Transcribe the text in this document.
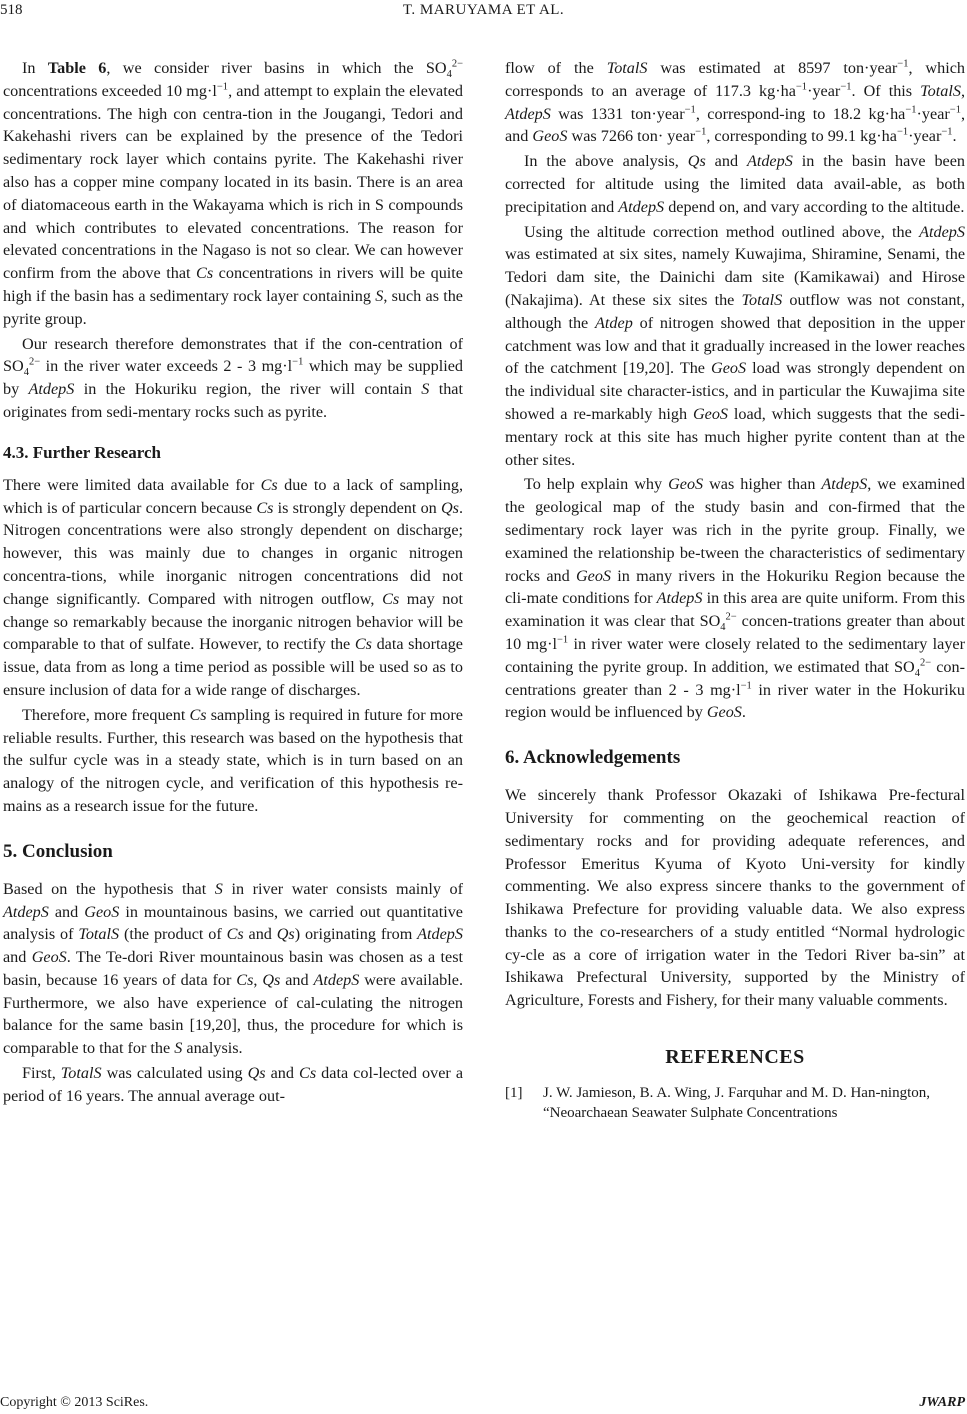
518	T. MARUYAMA ET AL.

In Table 6, we consider river basins in which the $SO_4^{2-}$ concentrations exceeded 10 $mg\cdot l^{-1}$, and attempt to explain the elevated concentrations. The high con centra-tion in the Jougangi, Tedori and Kakehashi rivers can be explained by the presence of the Tedori sedimentary rock layer which contains pyrite. The Kakehashi river also has a copper mine company located in its basin. There is an area of diatomaceous earth in the Wakayama which is rich in S compounds and which contributes to elevated concentrations. The reason for elevated concentrations in the Nagaso is not so clear. We can however confirm from the above that Cs concentrations in rivers will be quite high if the basin has a sedimentary rock layer containing S, such as the pyrite group.

Our research therefore demonstrates that if the con-centration of $SO_4^{2-}$ in the river water exceeds 2 - 3 $mg\cdot l^{-1}$ which may be supplied by AtdepS in the Hokuriku region, the river will contain S that originates from sedi-mentary rocks such as pyrite.

4.3. Further Research

There were limited data available for Cs due to a lack of sampling, which is of particular concern because Cs is strongly dependent on Qs. Nitrogen concentrations were also strongly dependent on discharge; however, this was mainly due to changes in organic nitrogen concentra-tions, while inorganic nitrogen concentrations did not change significantly. Compared with nitrogen outflow, Cs may not change so remarkably because the inorganic nitrogen behavior will be comparable to that of sulfate. However, to rectify the Cs data shortage issue, data from as long a time period as possible will be used so as to ensure inclusion of data for a wide range of discharges.

Therefore, more frequent Cs sampling is required in future for more reliable results. Further, this research was based on the hypothesis that the sulfur cycle was in a steady state, which is in turn based on an analogy of the nitrogen cycle, and verification of this hypothesis re-mains as a research issue for the future.

5. Conclusion

Based on the hypothesis that S in river water consists mainly of AtdepS and GeoS in mountainous basins, we carried out quantitative analysis of TotalS (the product of Cs and Qs) originating from AtdepS and GeoS. The Te-dori River mountainous basin was chosen as a test basin, because 16 years of data for Cs, Qs and AtdepS were available. Furthermore, we also have experience of cal-culating the nitrogen balance for the same basin [19,20], thus, the procedure for which is comparable to that for the S analysis.

First, TotalS was calculated using Qs and Cs data col-lected over a period of 16 years. The annual average out-

flow of the TotalS was estimated at 8597 ton·year$^{-1}$, which corresponds to an average of 117.3 $kg\cdot ha^{-1}\cdot year^{-1}$. Of this TotalS, AtdepS was 1331 ton·year$^{-1}$, correspond-ing to 18.2 $kg\cdot ha^{-1}\cdot year^{-1}$, and GeoS was 7266 ton· year$^{-1}$, corresponding to 99.1 $kg\cdot ha^{-1}\cdot year^{-1}$.

In the above analysis, Qs and AtdepS in the basin have been corrected for altitude using the limited data avail-able, as both precipitation and AtdepS depend on, and vary according to the altitude.

Using the altitude correction method outlined above, the AtdepS was estimated at six sites, namely Kuwajima, Shiramine, Senami, the Tedori dam site, the Dainichi dam site (Kamikawai) and Hirose (Nakajima). At these six sites the TotalS outflow was not constant, although the Atdep of nitrogen showed that deposition in the upper catchment was low and that it gradually increased in the lower reaches of the catchment [19,20]. The GeoS load was strongly dependent on the individual site character-istics, and in particular the Kuwajima site showed a re-markably high GeoS load, which suggests that the sedi-mentary rock at this site has much higher pyrite content than at the other sites.

To help explain why GeoS was higher than AtdepS, we examined the geological map of the study basin and con-firmed that the sedimentary rock layer was rich in the pyrite group. Finally, we examined the relationship be-tween the characteristics of sedimentary rocks and GeoS in many rivers in the Hokuriku Region because the cli-mate conditions for AtdepS in this area are quite uniform. From this examination it was clear that $SO_4^{2-}$ concen-trations greater than about 10 $mg\cdot l^{-1}$ in river water were closely related to the sedimentary layer containing the pyrite group. In addition, we estimated that $SO_4^{2-}$ con-centrations greater than 2 - 3 $mg\cdot l^{-1}$ in river water in the Hokuriku region would be influenced by GeoS.

6. Acknowledgements

We sincerely thank Professor Okazaki of Ishikawa Pre-fectural University for commenting on the geochemical reaction of sedimentary rocks and for providing adequate references, and Professor Emeritus Kyuma of Kyoto Uni-versity for kindly commenting. We also express sincere thanks to the government of Ishikawa Prefecture for providing valuable data. We also express thanks to the co-researchers of a study entitled “Normal hydrologic cy-cle as a core of irrigation water in the Tedori River ba-sin” at Ishikawa Prefectural University, supported by the Ministry of Agriculture, Forests and Fishery, for their many valuable comments.

REFERENCES
[1]	J. W. Jamieson, B. A. Wing, J. Farquhar and M. D. Han-nington, “Neoarchaean Seawater Sulphate Concentrations
Copyright © 2013 SciRes.	JWARP
